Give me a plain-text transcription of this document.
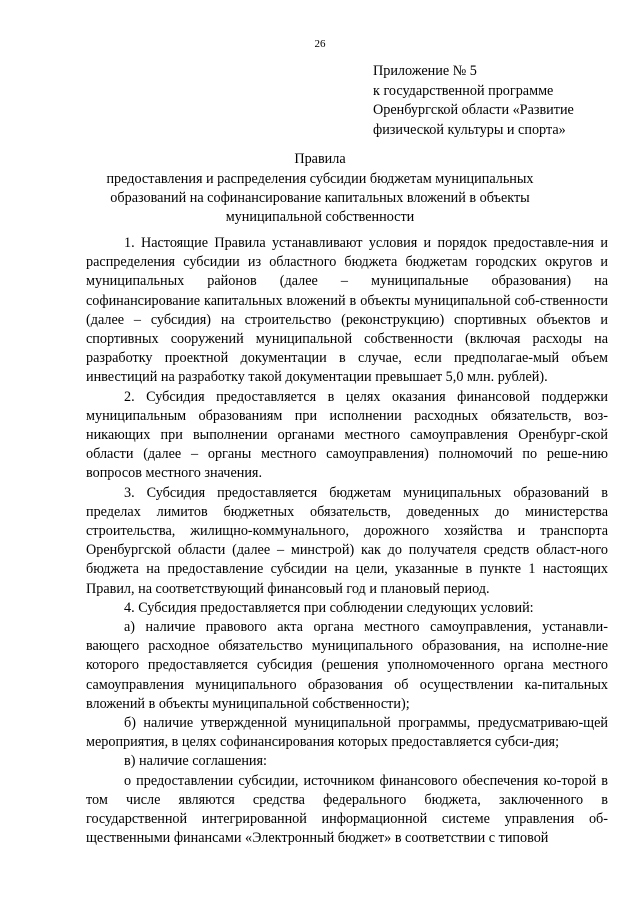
26
Приложение № 5
к государственной программе
Оренбургской области «Развитие
физической культуры и спорта»
Правила
предоставления и распределения субсидии бюджетам муниципальных
образований на софинансирование капитальных вложений в объекты
муниципальной собственности

1. Настоящие Правила устанавливают условия и порядок предоставле-ния и распределения субсидии из областного бюджета бюджетам городских округов и муниципальных районов (далее – муниципальные образования) на софинансирование капитальных вложений в объекты муниципальной соб-ственности (далее – субсидия) на строительство (реконструкцию) спортивных объектов и спортивных сооружений муниципальной собственности (включая расходы на разработку проектной документации в случае, если предполагае-мый объем инвестиций на разработку такой документации превышает 5,0 млн. рублей).

2. Субсидия предоставляется в целях оказания финансовой поддержки муниципальным образованиям при исполнении расходных обязательств, воз-никающих при выполнении органами местного самоуправления Оренбург-ской области (далее – органы местного самоуправления) полномочий по реше-нию вопросов местного значения.

3. Субсидия предоставляется бюджетам муниципальных образований в пределах лимитов бюджетных обязательств, доведенных до министерства строительства, жилищно-коммунального, дорожного хозяйства и транспорта Оренбургской области (далее – минстрой) как до получателя средств област-ного бюджета на предоставление субсидии на цели, указанные в пункте 1 настоящих Правил, на соответствующий финансовый год и плановый период.

4. Субсидия предоставляется при соблюдении следующих условий:

а) наличие правового акта органа местного самоуправления, устанавли-вающего расходное обязательство муниципального образования, на исполне-ние которого предоставляется субсидия (решения уполномоченного органа местного самоуправления муниципального образования об осуществлении ка-питальных вложений в объекты муниципальной собственности);

б) наличие утвержденной муниципальной программы, предусматриваю-щей мероприятия, в целях софинансирования которых предоставляется субси-дия;

в) наличие соглашения:

о предоставлении субсидии, источником финансового обеспечения ко-торой в том числе являются средства федерального бюджета, заключенного в государственной интегрированной информационной системе управления об-щественными финансами «Электронный бюджет» в соответствии с типовой
